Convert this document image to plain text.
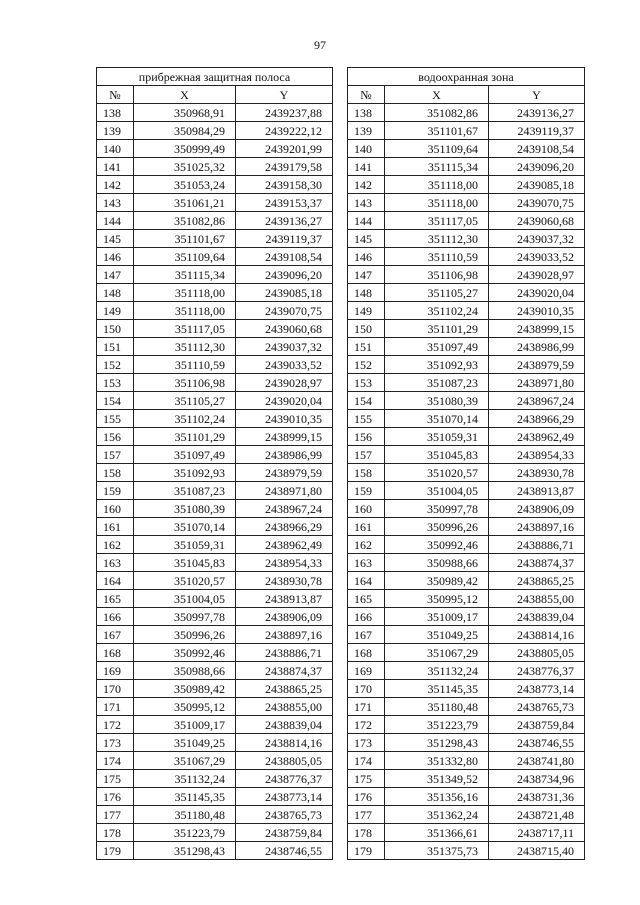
97
прибрежная защитная полоса				водоохранная зона		
№	X	Y		№	X	Y
138	350968,91	2439237,88		138	351082,86	2439136,27
139	350984,29	2439222,12		139	351101,67	2439119,37
140	350999,49	2439201,99		140	351109,64	2439108,54
141	351025,32	2439179,58		141	351115,34	2439096,20
142	351053,24	2439158,30		142	351118,00	2439085,18
143	351061,21	2439153,37		143	351118,00	2439070,75
144	351082,86	2439136,27		144	351117,05	2439060,68
145	351101,67	2439119,37		145	351112,30	2439037,32
146	351109,64	2439108,54		146	351110,59	2439033,52
147	351115,34	2439096,20		147	351106,98	2439028,97
148	351118,00	2439085,18		148	351105,27	2439020,04
149	351118,00	2439070,75		149	351102,24	2439010,35
150	351117,05	2439060,68		150	351101,29	2438999,15
151	351112,30	2439037,32		151	351097,49	2438986,99
152	351110,59	2439033,52		152	351092,93	2438979,59
153	351106,98	2439028,97		153	351087,23	2438971,80
154	351105,27	2439020,04		154	351080,39	2438967,24
155	351102,24	2439010,35		155	351070,14	2438966,29
156	351101,29	2438999,15		156	351059,31	2438962,49
157	351097,49	2438986,99		157	351045,83	2438954,33
158	351092,93	2438979,59		158	351020,57	2438930,78
159	351087,23	2438971,80		159	351004,05	2438913,87
160	351080,39	2438967,24		160	350997,78	2438906,09
161	351070,14	2438966,29		161	350996,26	2438897,16
162	351059,31	2438962,49		162	350992,46	2438886,71
163	351045,83	2438954,33		163	350988,66	2438874,37
164	351020,57	2438930,78		164	350989,42	2438865,25
165	351004,05	2438913,87		165	350995,12	2438855,00
166	350997,78	2438906,09		166	351009,17	2438839,04
167	350996,26	2438897,16		167	351049,25	2438814,16
168	350992,46	2438886,71		168	351067,29	2438805,05
169	350988,66	2438874,37		169	351132,24	2438776,37
170	350989,42	2438865,25		170	351145,35	2438773,14
171	350995,12	2438855,00		171	351180,48	2438765,73
172	351009,17	2438839,04		172	351223,79	2438759,84
173	351049,25	2438814,16		173	351298,43	2438746,55
174	351067,29	2438805,05		174	351332,80	2438741,80
175	351132,24	2438776,37		175	351349,52	2438734,96
176	351145,35	2438773,14		176	351356,16	2438731,36
177	351180,48	2438765,73		177	351362,24	2438721,48
178	351223,79	2438759,84		178	351366,61	2438717,11
179	351298,43	2438746,55		179	351375,73	2438715,40
